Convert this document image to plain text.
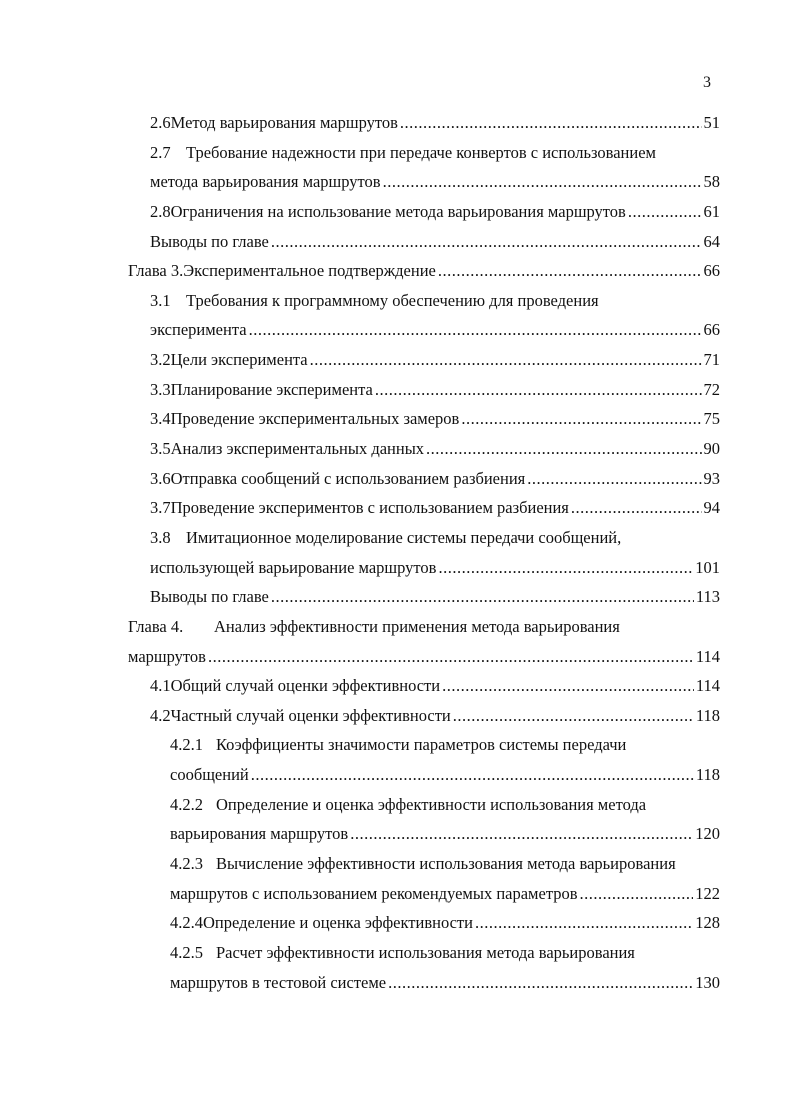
3
2.6 Метод варьирования маршрутов .....	51
2.7 Требование надежности при передаче конвертов с использованием
метода варьирования маршрутов .....	58
2.8 Ограничения на использование метода варьирования маршрутов .....	61
Выводы по главе .....	64
Глава 3. Экспериментальное подтверждение .....	66
3.1 Требования к программному обеспечению для проведения
эксперимента .....	66
3.2 Цели эксперимента .....	71
3.3 Планирование эксперимента .....	72
3.4 Проведение экспериментальных замеров .....	75
3.5 Анализ экспериментальных данных .....	90
3.6 Отправка сообщений с использованием разбиения .....	93
3.7 Проведение экспериментов с использованием разбиения .....	94
3.8 Имитационное моделирование системы передачи сообщений,
использующей варьирование маршрутов .....	101
Выводы по главе .....	113
Глава 4.	Анализ эффективности применения метода варьирования
маршрутов .....	114
4.1 Общий случай оценки эффективности .....	114
4.2 Частный случай оценки эффективности .....	118
4.2.1 Коэффициенты значимости параметров системы передачи
сообщений .....	118
4.2.2 Определение и оценка эффективности использования метода
варьирования маршрутов .....	120
4.2.3 Вычисление эффективности использования метода варьирования
маршрутов с использованием рекомендуемых параметров .....	122
4.2.4 Определение и оценка эффективности .....	128
4.2.5 Расчет эффективности использования метода варьирования
маршрутов в тестовой системе .....	130
